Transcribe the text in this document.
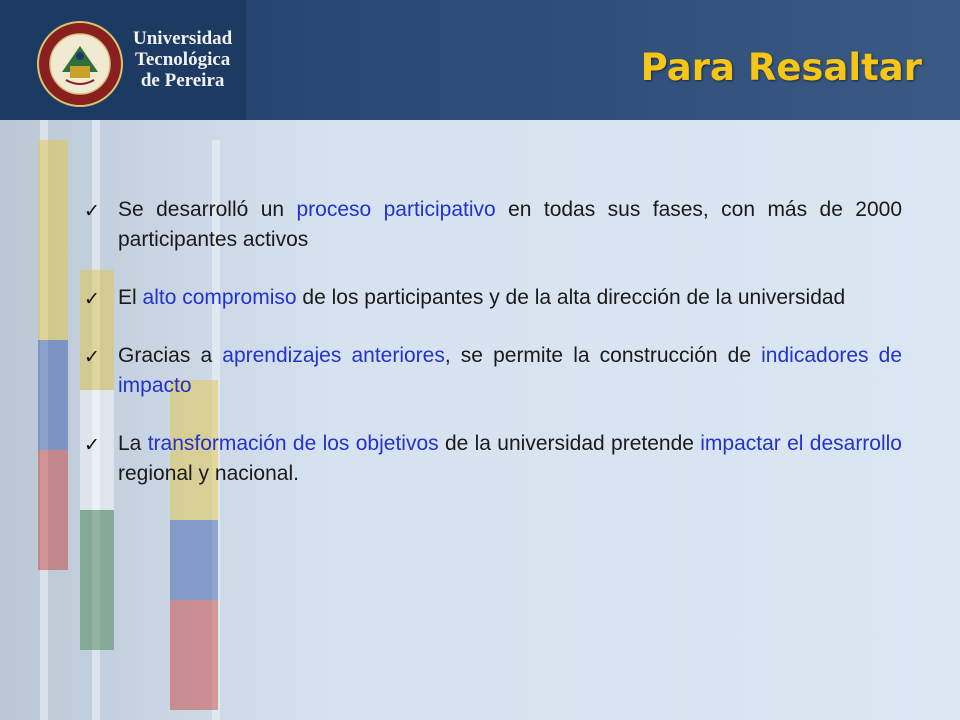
Universidad
Tecnológica
de Pereira	Para Resaltar
✓ Se desarrolló un proceso participativo en todas sus fases, con más de 2000 participantes activos
✓ El alto compromiso de los participantes y de la alta dirección de la universidad
✓ Gracias a aprendizajes anteriores, se permite la construcción de indicadores de impacto
✓ La transformación de los objetivos de la universidad pretende impactar el desarrollo regional y nacional.
